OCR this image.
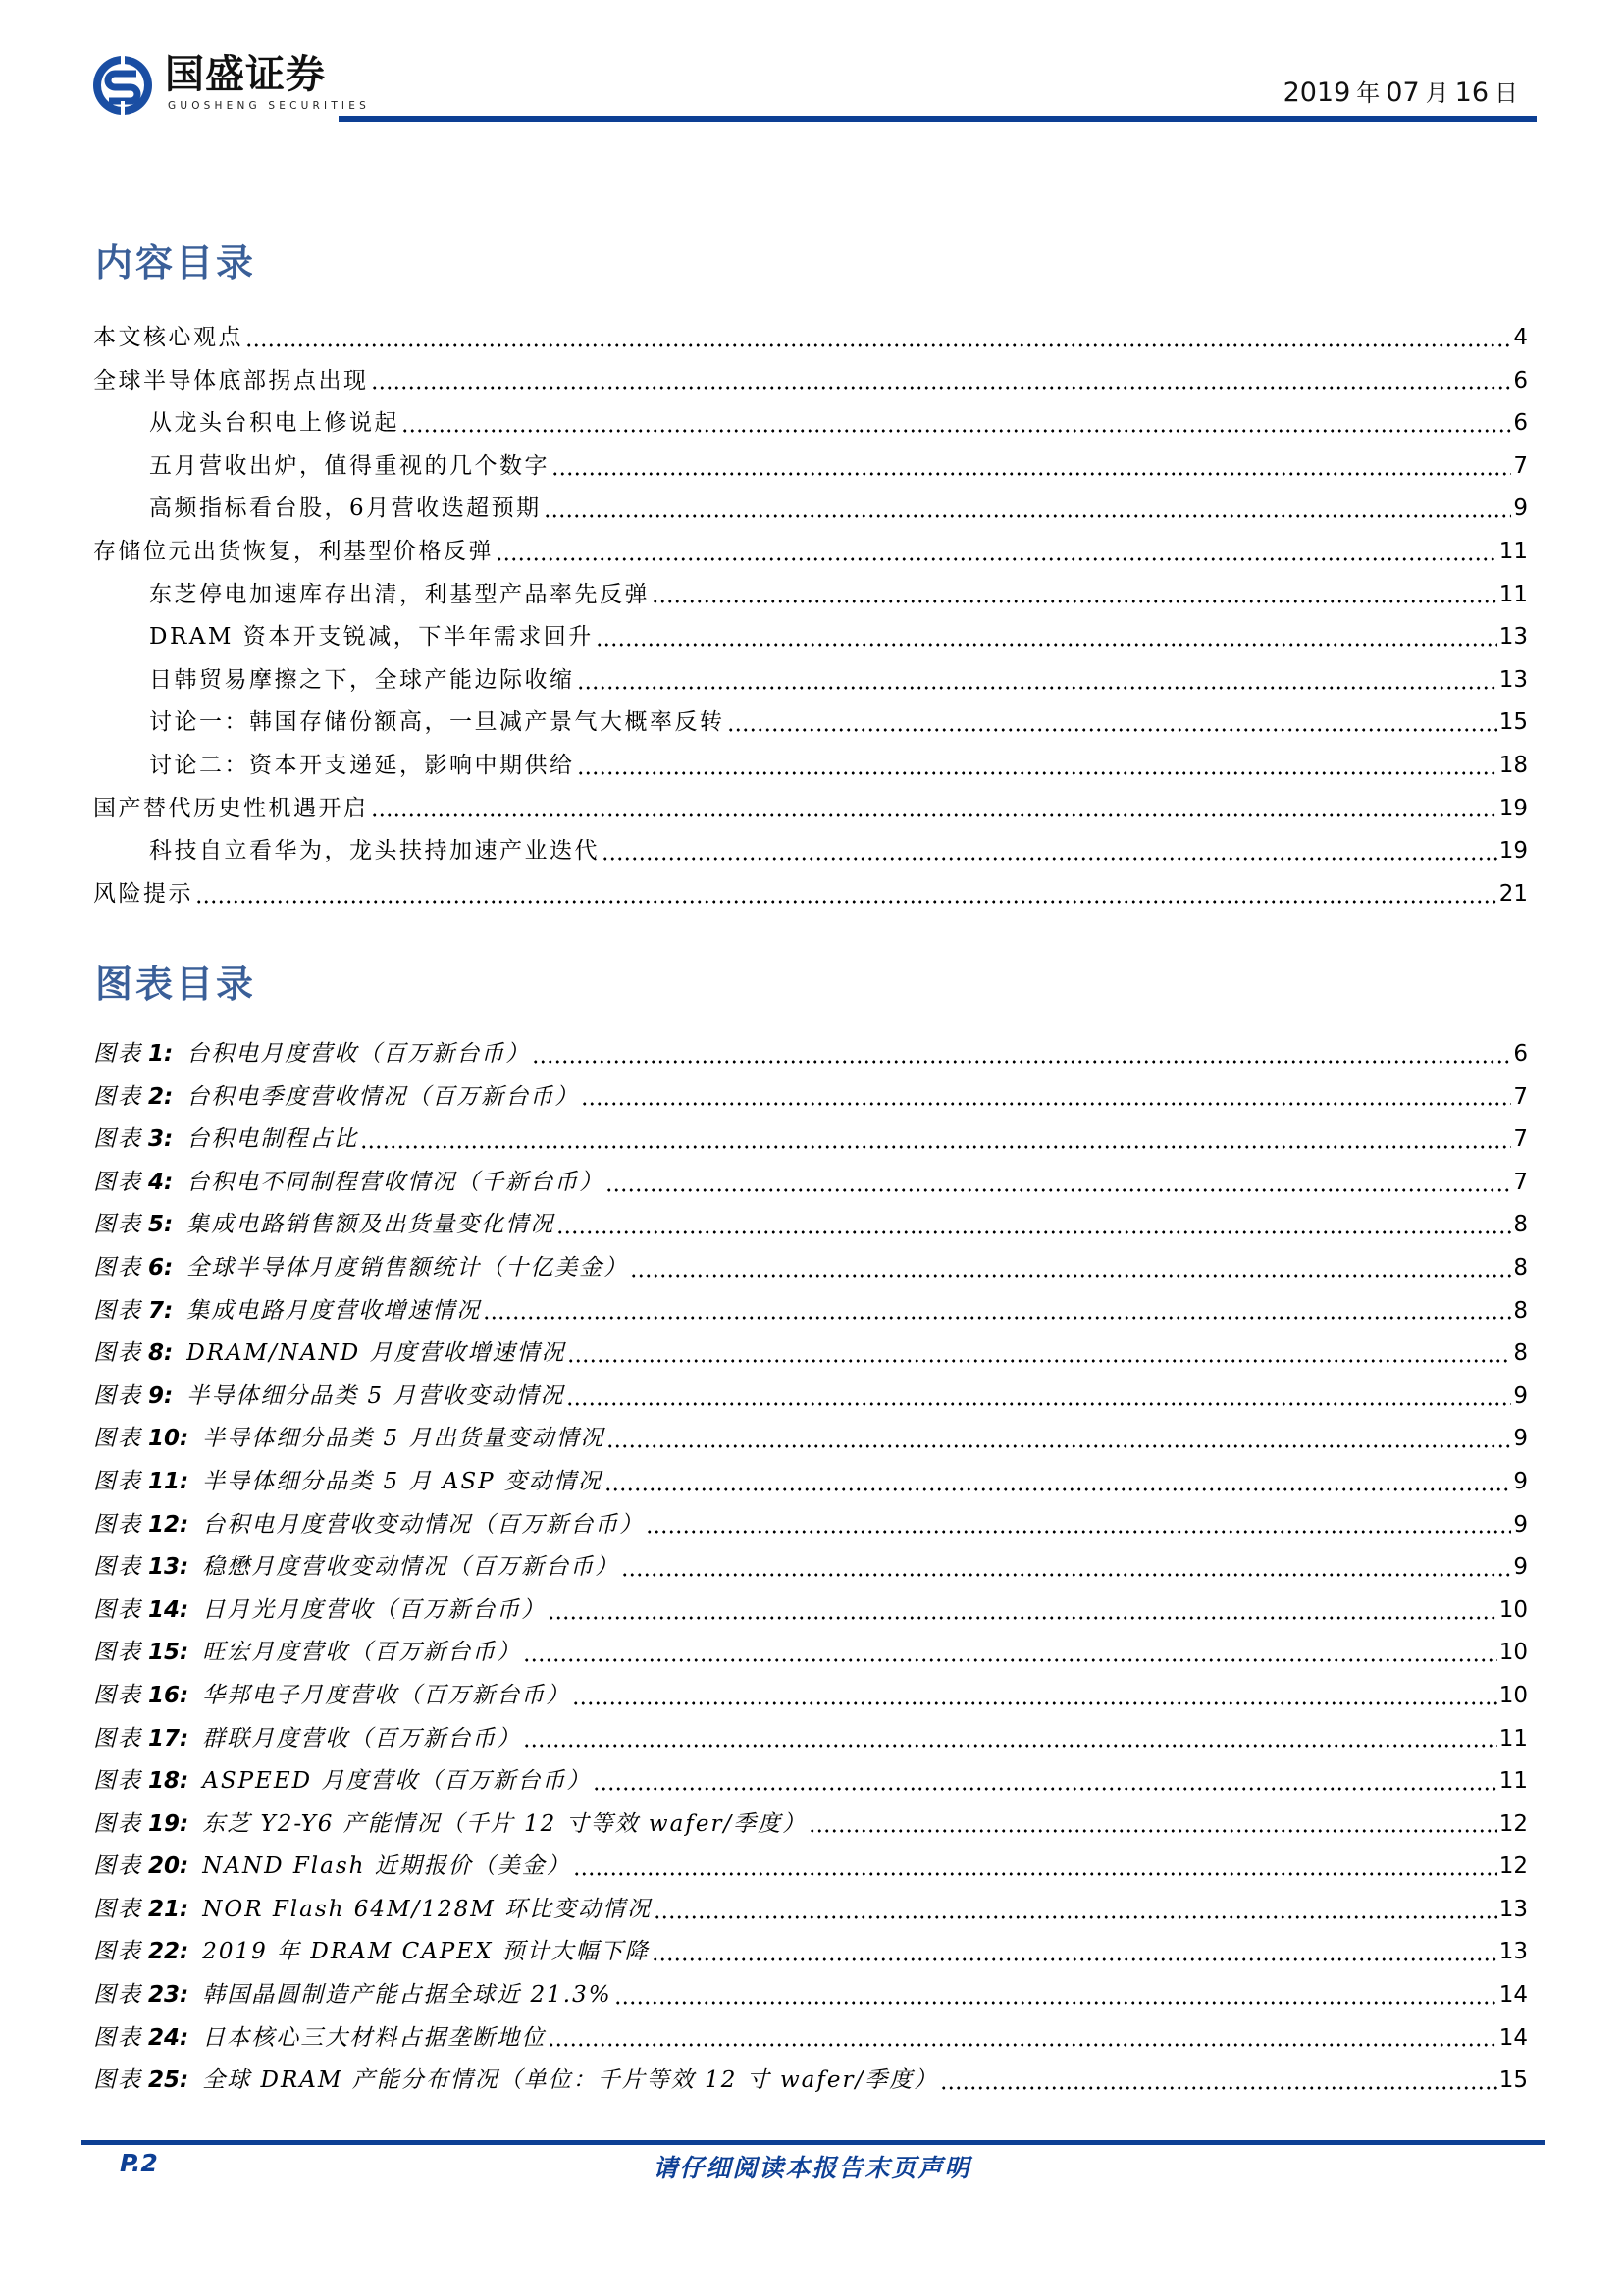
国盛证券
GUOSHENG SECURITIES	2019 年 07 月 16 日
内容目录
本文核心观点	4
全球半导体底部拐点出现	6
从龙头台积电上修说起	6
五月营收出炉，值得重视的几个数字	7
高频指标看台股，6月营收迭超预期	9
存储位元出货恢复，利基型价格反弹	11
东芝停电加速库存出清，利基型产品率先反弹	11
DRAM 资本开支锐减，下半年需求回升	13
日韩贸易摩擦之下，全球产能边际收缩	13
讨论一：韩国存储份额高，一旦减产景气大概率反转	15
讨论二：资本开支递延，影响中期供给	18
国产替代历史性机遇开启	19
科技自立看华为，龙头扶持加速产业迭代	19
风险提示	21
图表目录
图表 1: 台积电月度营收（百万新台币）	6
图表 2: 台积电季度营收情况（百万新台币）	7
图表 3: 台积电制程占比	7
图表 4: 台积电不同制程营收情况（千新台币）	7
图表 5: 集成电路销售额及出货量变化情况	8
图表 6: 全球半导体月度销售额统计（十亿美金）	8
图表 7: 集成电路月度营收增速情况	8
图表 8: DRAM/NAND 月度营收增速情况	8
图表 9: 半导体细分品类 5 月营收变动情况	9
图表 10: 半导体细分品类 5 月出货量变动情况	9
图表 11: 半导体细分品类 5 月 ASP 变动情况	9
图表 12: 台积电月度营收变动情况（百万新台币）	9
图表 13: 稳懋月度营收变动情况（百万新台币）	9
图表 14: 日月光月度营收（百万新台币）	10
图表 15: 旺宏月度营收（百万新台币）	10
图表 16: 华邦电子月度营收（百万新台币）	10
图表 17: 群联月度营收（百万新台币）	11
图表 18: ASPEED 月度营收（百万新台币）	11
图表 19: 东芝 Y2-Y6 产能情况（千片 12 寸等效 wafer/季度）	12
图表 20: NAND Flash 近期报价（美金）	12
图表 21: NOR Flash 64M/128M 环比变动情况	13
图表 22: 2019 年 DRAM CAPEX 预计大幅下降	13
图表 23: 韩国晶圆制造产能占据全球近 21.3%	14
图表 24: 日本核心三大材料占据垄断地位	14
图表 25: 全球 DRAM 产能分布情况（单位：千片等效 12 寸 wafer/季度）	15
P.2	请仔细阅读本报告末页声明
